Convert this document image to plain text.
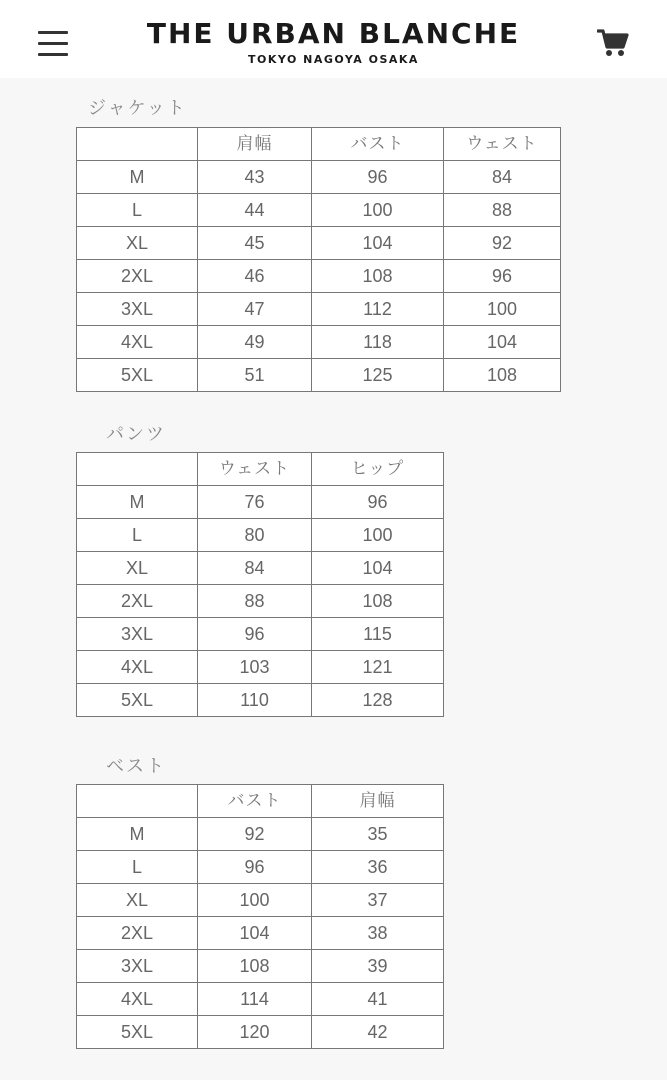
THE URBAN BLANCHE
TOKYO NAGOYA OSAKA
ジャケット
	肩幅	バスト	ウェスト
M	43	96	84
L	44	100	88
XL	45	104	92
2XL	46	108	96
3XL	47	112	100
4XL	49	118	104
5XL	51	125	108
パンツ
	ウェスト	ヒップ
M	76	96
L	80	100
XL	84	104
2XL	88	108
3XL	96	115
4XL	103	121
5XL	110	128
ベスト
	バスト	肩幅
M	92	35
L	96	36
XL	100	37
2XL	104	38
3XL	108	39
4XL	114	41
5XL	120	42
